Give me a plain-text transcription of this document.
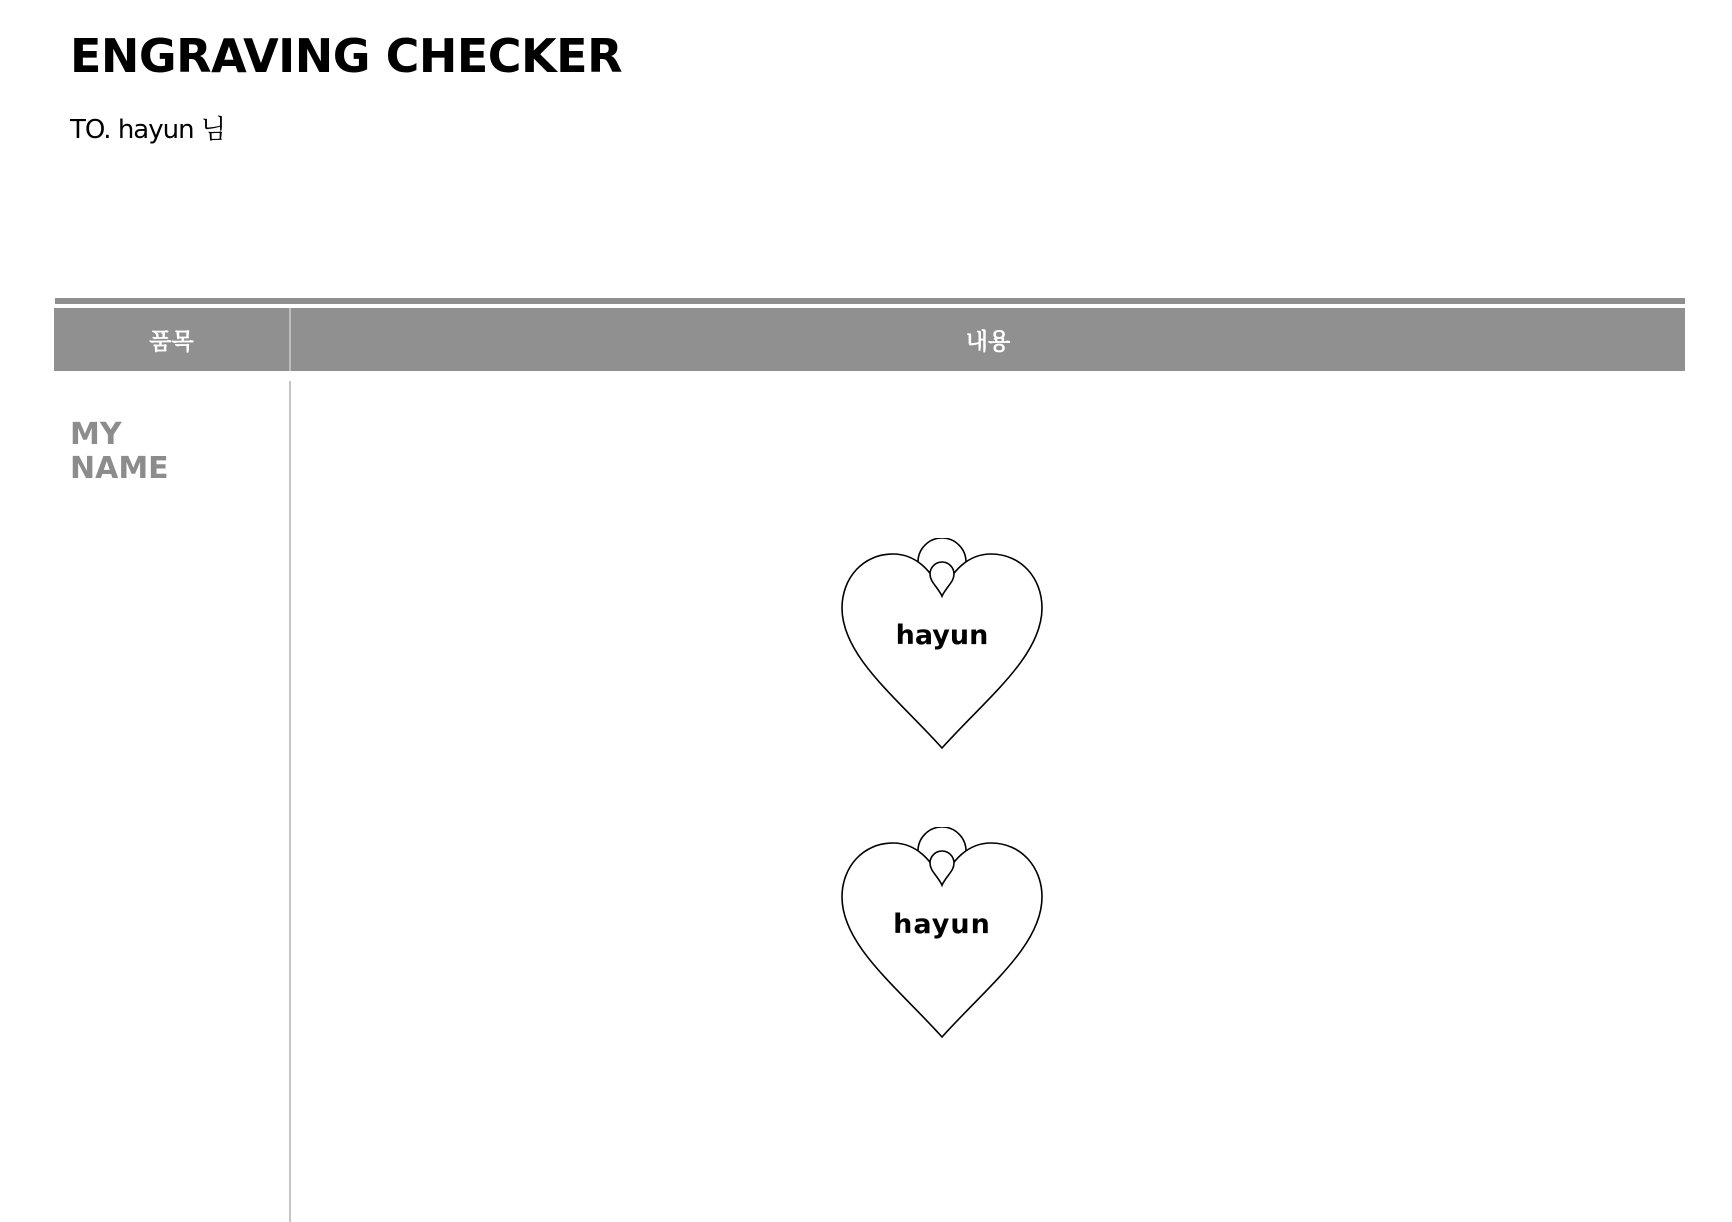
ENGRAVING CHECKER
TO. hayun 님
품목	내용
MY
NAME
hayun
hayun
